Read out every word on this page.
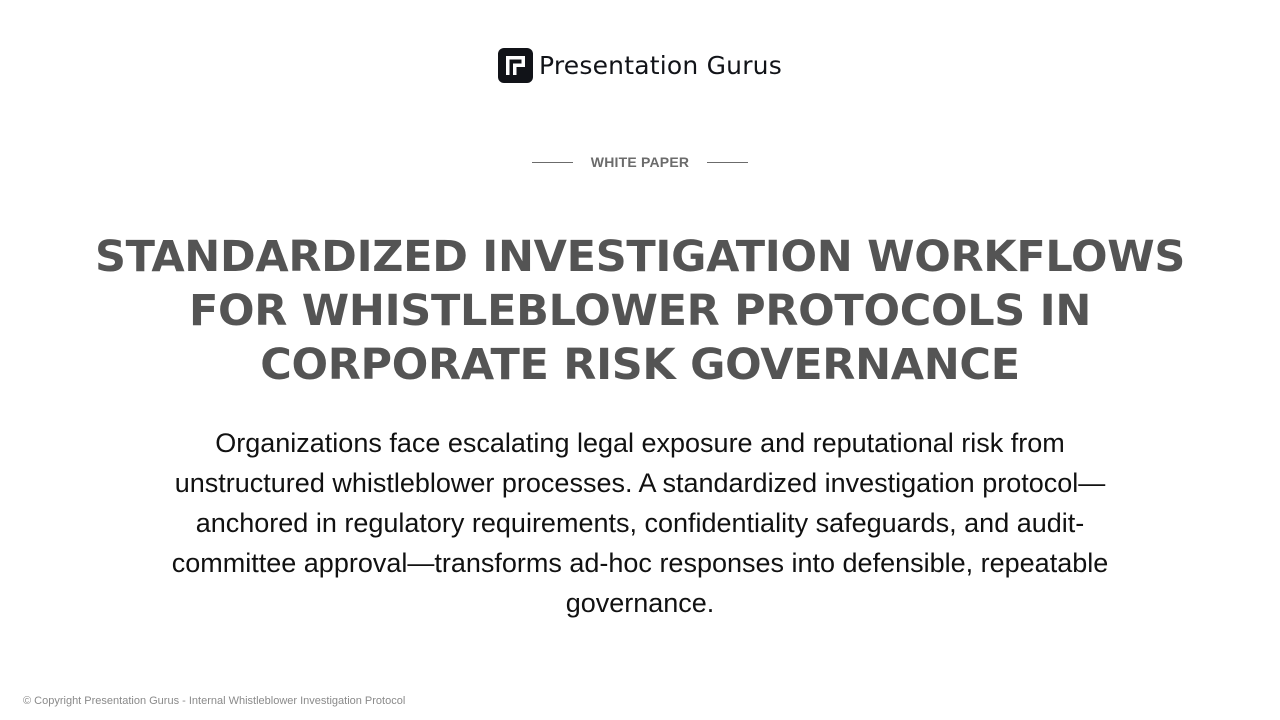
Presentation Gurus
WHITE PAPER
STANDARDIZED INVESTIGATION WORKFLOWS FOR WHISTLEBLOWER PROTOCOLS IN CORPORATE RISK GOVERNANCE

Organizations face escalating legal exposure and reputational risk from unstructured whistleblower processes. A standardized investigation protocol—anchored in regulatory requirements, confidentiality safeguards, and audit-committee approval—transforms ad-hoc responses into defensible, repeatable governance.

© Copyright Presentation Gurus - Internal Whistleblower Investigation Protocol
